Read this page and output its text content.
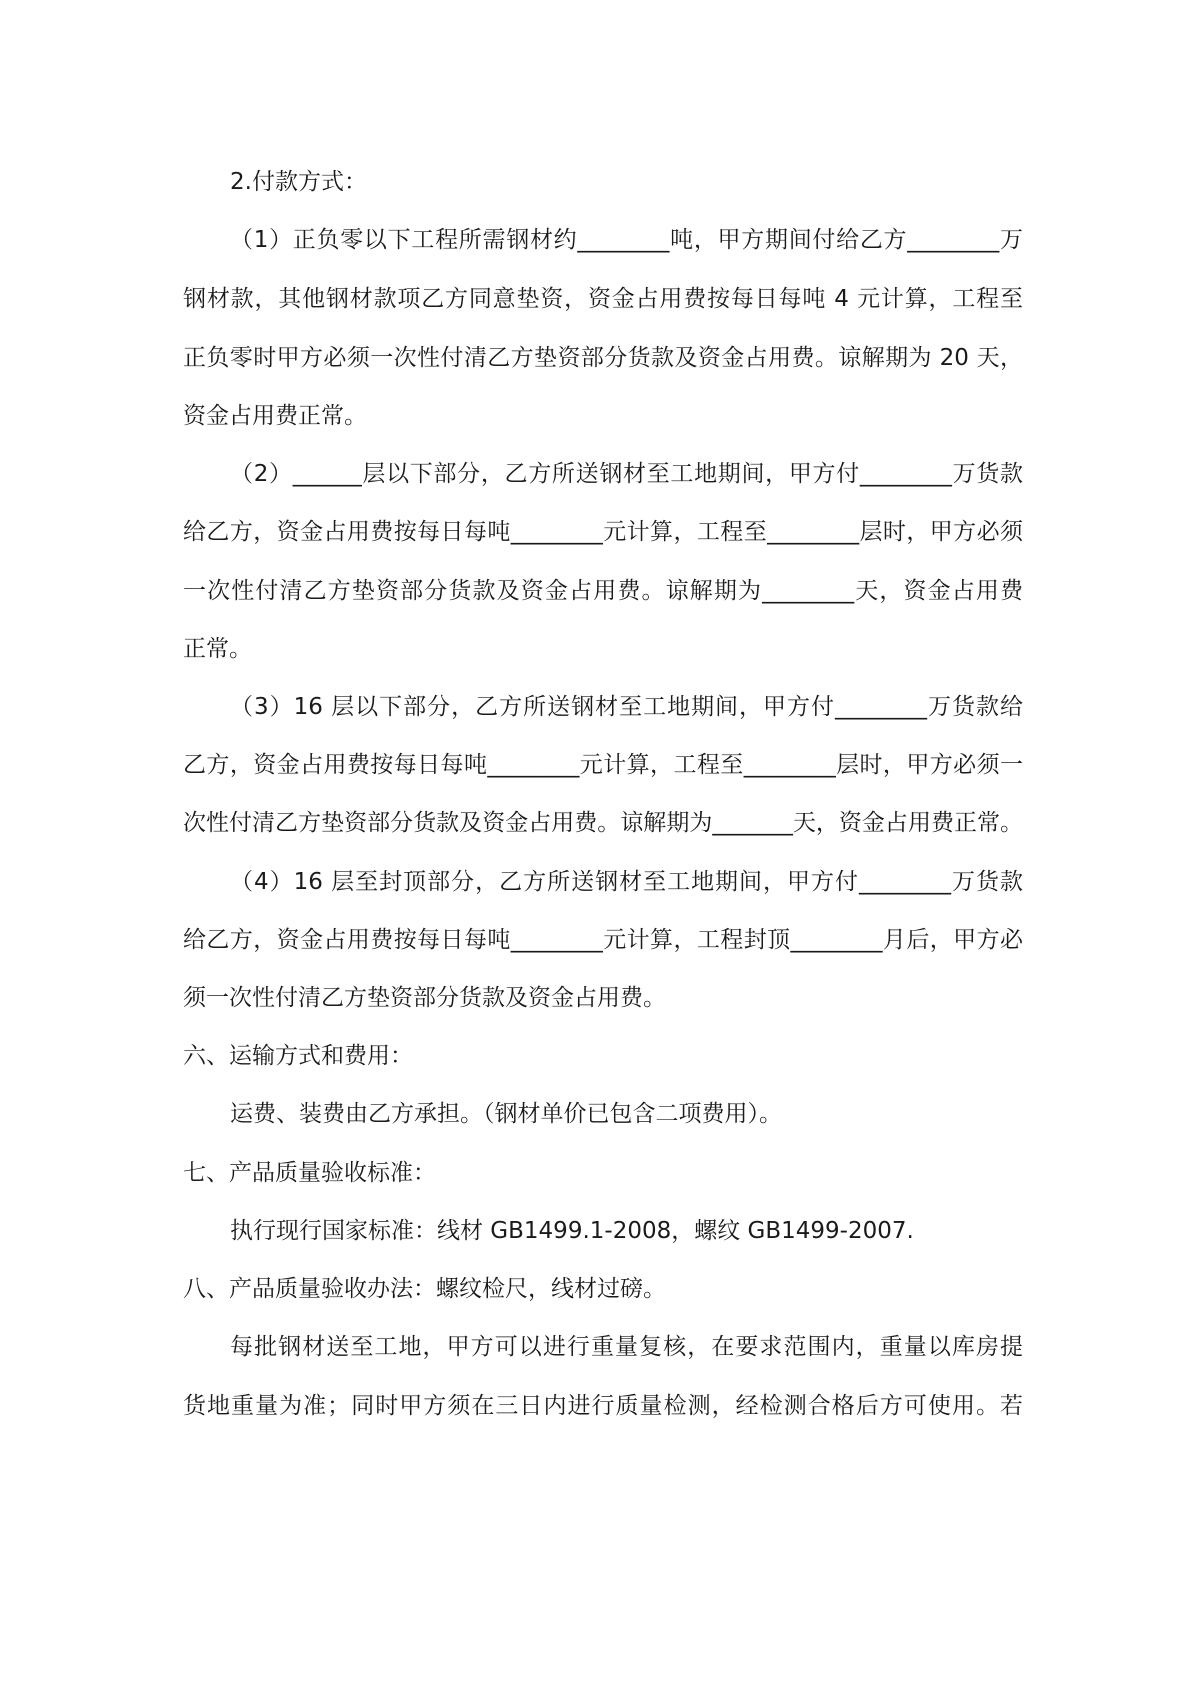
2.付款方式：
（1）正负零以下工程所需钢材约________吨，甲方期间付给乙方________万
钢材款，其他钢材款项乙方同意垫资，资金占用费按每日每吨 4 元计算，工程至
正负零时甲方必须一次性付清乙方垫资部分货款及资金占用费。谅解期为 20 天，
资金占用费正常。
（2）______层以下部分，乙方所送钢材至工地期间，甲方付________万货款
给乙方，资金占用费按每日每吨________元计算，工程至________层时，甲方必须
一次性付清乙方垫资部分货款及资金占用费。谅解期为________天，资金占用费
正常。
（3）16 层以下部分，乙方所送钢材至工地期间，甲方付________万货款给
乙方，资金占用费按每日每吨________元计算，工程至________层时，甲方必须一
次性付清乙方垫资部分货款及资金占用费。谅解期为_______天，资金占用费正常。
（4）16 层至封顶部分，乙方所送钢材至工地期间，甲方付________万货款
给乙方，资金占用费按每日每吨________元计算，工程封顶________月后，甲方必
须一次性付清乙方垫资部分货款及资金占用费。
六、运输方式和费用：
运费、装费由乙方承担。（钢材单价已包含二项费用）。
七、产品质量验收标准：
执行现行国家标准：线材 GB1499.1-2008，螺纹 GB1499-2007.
八、产品质量验收办法：螺纹检尺，线材过磅。
每批钢材送至工地，甲方可以进行重量复核，在要求范围内，重量以库房提
货地重量为准；同时甲方须在三日内进行质量检测，经检测合格后方可使用。若
